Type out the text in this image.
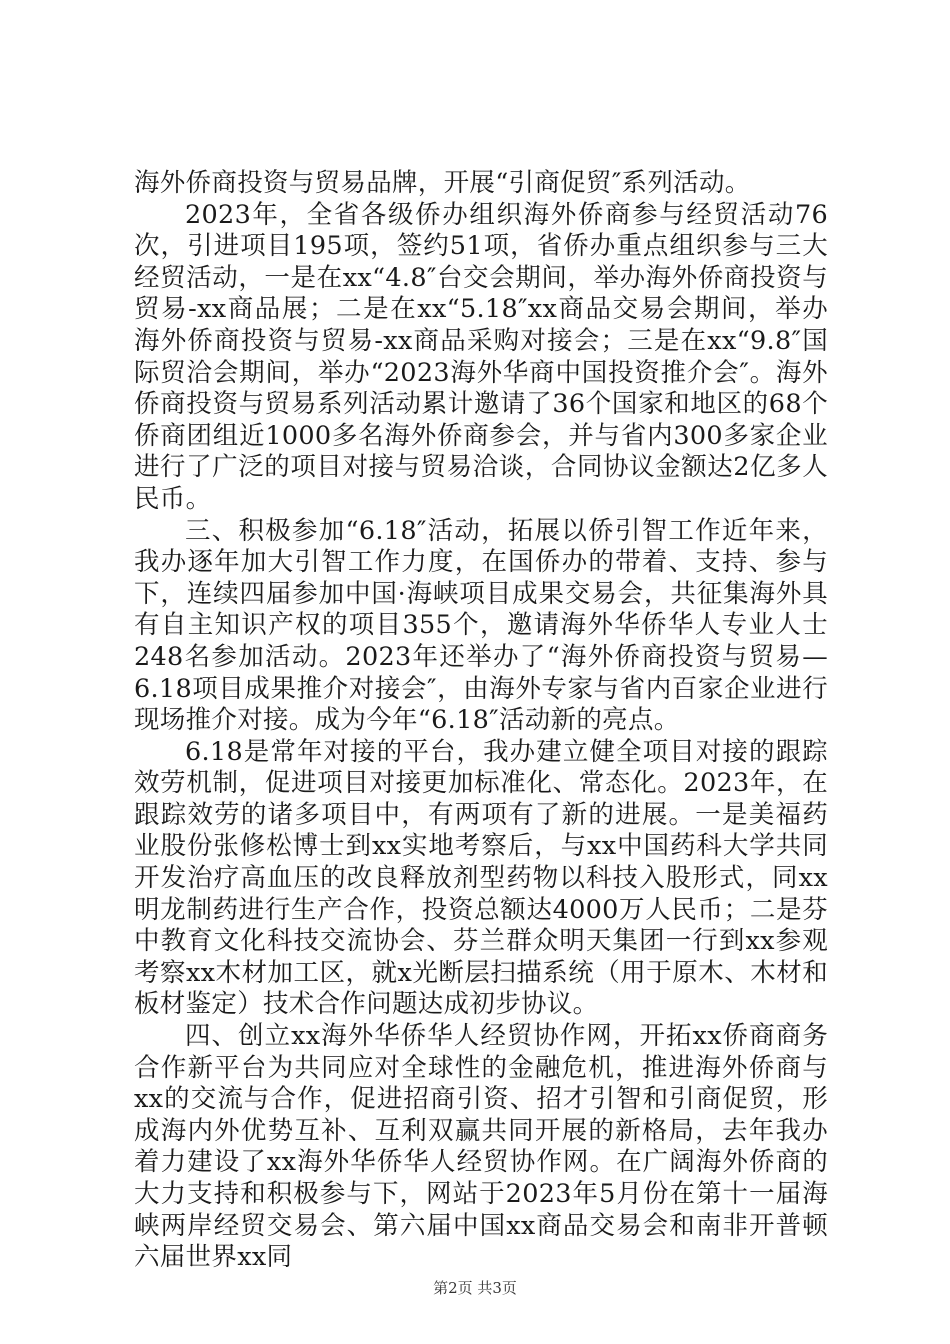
海外侨商投资与贸易品牌，开展“引商促贸″系列活动。

2023年，全省各级侨办组织海外侨商参与经贸活动76次，引进项目195项，签约51项，省侨办重点组织参与三大经贸活动，一是在xx“4.8″台交会期间，举办海外侨商投资与贸易-xx商品展；二是在xx“5.18″xx商品交易会期间，举办海外侨商投资与贸易-xx商品采购对接会；三是在xx“9.8″国际贸洽会期间，举办“2023海外华商中国投资推介会″。海外侨商投资与贸易系列活动累计邀请了36个国家和地区的68个侨商团组近1000多名海外侨商参会，并与省内300多家企业进行了广泛的项目对接与贸易洽谈，合同协议金额达2亿多人民币。

三、积极参加“6.18″活动，拓展以侨引智工作近年来，我办逐年加大引智工作力度，在国侨办的带着、支持、参与下，连续四届参加中国·海峡项目成果交易会，共征集海外具有自主知识产权的项目355个，邀请海外华侨华人专业人士248名参加活动。2023年还举办了“海外侨商投资与贸易—6.18项目成果推介对接会″，由海外专家与省内百家企业进行现场推介对接。成为今年“6.18″活动新的亮点。

6.18是常年对接的平台，我办建立健全项目对接的跟踪效劳机制，促进项目对接更加标准化、常态化。2023年，在跟踪效劳的诸多项目中，有两项有了新的进展。一是美福药业股份张修松博士到xx实地考察后，与xx中国药科大学共同开发治疗高血压的改良释放剂型药物以科技入股形式，同xx明龙制药进行生产合作，投资总额达4000万人民币；二是芬中教育文化科技交流协会、芬兰群众明天集团一行到xx参观考察xx木材加工区，就x光断层扫描系统（用于原木、木材和板材鉴定）技术合作问题达成初步协议。

四、创立xx海外华侨华人经贸协作网，开拓xx侨商商务合作新平台为共同应对全球性的金融危机，推进海外侨商与xx的交流与合作，促进招商引资、招才引智和引商促贸，形成海内外优势互补、互利双赢共同开展的新格局，去年我办着力建设了xx海外华侨华人经贸协作网。在广阔海外侨商的大力支持和积极参与下，网站于2023年5月份在第十一届海峡两岸经贸交易会、第六届中国xx商品交易会和南非开普顿六届世界xx同

第2页 共3页
